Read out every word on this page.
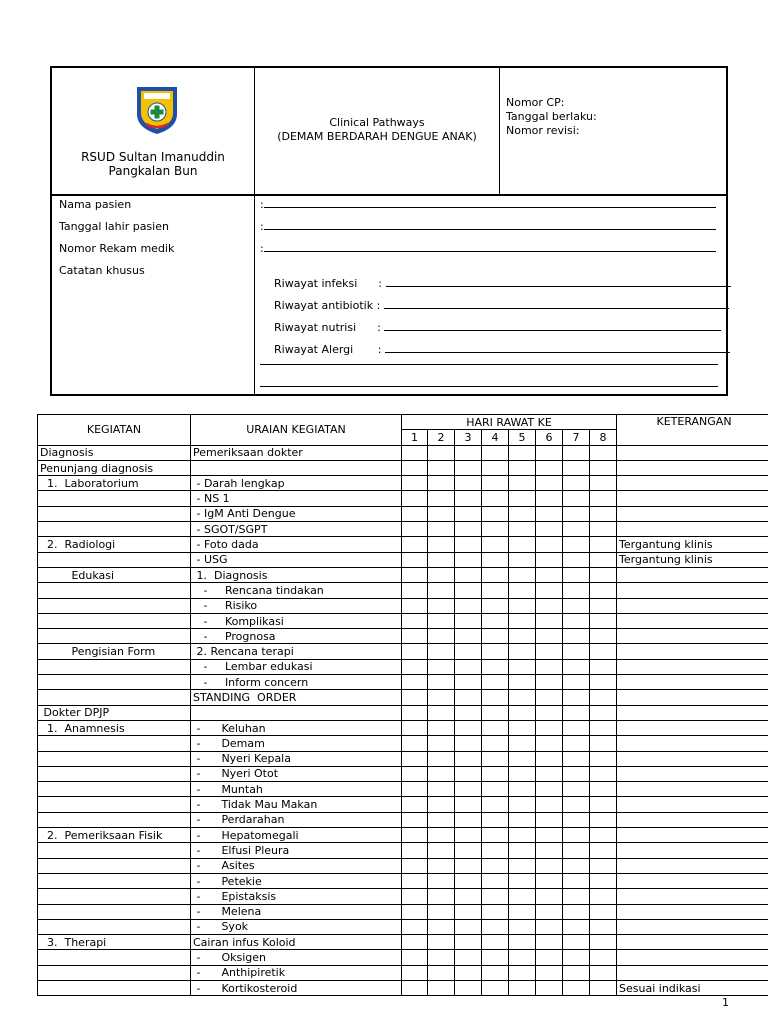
RSUD Sultan Imanuddin
Pangkalan Bun
Clinical Pathways
(DEMAM BERDARAH DENGUE ANAK)
Nomor CP:
Tanggal berlaku:
Nomor revisi:
Nama pasien
Tanggal lahir pasien
Nomor Rekam medik
Catatan khusus
:
:
:

Riwayat infeksi      :

Riwayat antibiotik :

Riwayat nutrisi      :

Riwayat Alergi       :

KEGIATAN	URAIAN KEGIATAN	HARI RAWAT KE								KETERANGAN
		1	2	3	4	5	6	7	8	
Diagnosis	Pemeriksaan dokter									
Penunjang diagnosis										
1.  Laboratorium	- Darah lengkap									
	- NS 1									
	- IgM Anti Dengue									
	- SGOT/SGPT									
2.  Radiologi	- Foto dada									Tergantung klinis
	- USG									Tergantung klinis
Edukasi	1.  Diagnosis									
	-     Rencana tindakan									
	-     Risiko									
	-     Komplikasi									
	-     Prognosa									
Pengisian Form	2. Rencana terapi									
	-     Lembar edukasi									
	-     Inform concern									
	STANDING  ORDER									
Dokter DPJP										
1.  Anamnesis	-      Keluhan									
	-      Demam									
	-      Nyeri Kepala									
	-      Nyeri Otot									
	-      Muntah									
	-      Tidak Mau Makan									
	-      Perdarahan									
2.  Pemeriksaan Fisik	-      Hepatomegali									
	-      Elfusi Pleura									
	-      Asites									
	-      Petekie									
	-      Epistaksis									
	-      Melena									
	-      Syok									
3.  Therapi	Cairan infus Koloid									
	-      Oksigen									
	-      Anthipiretik									
	-      Kortikosteroid									Sesuai indikasi
1
